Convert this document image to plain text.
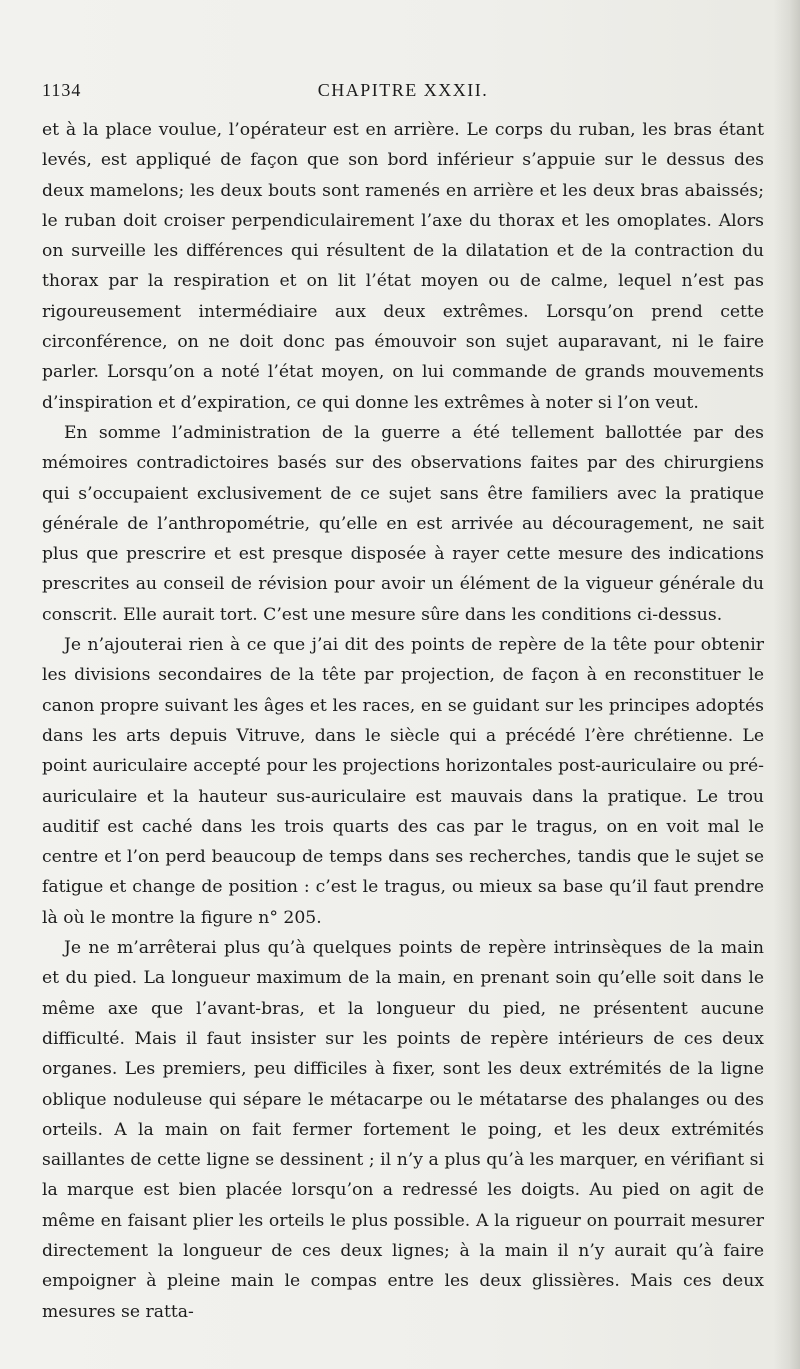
1134	CHAPITRE XXXII.

et à la place voulue, l’opérateur est en arrière. Le corps du ruban, les bras étant levés, est appliqué de façon que son bord inférieur s’appuie sur le dessus des deux mamelons; les deux bouts sont ramenés en arrière et les deux bras abaissés; le ruban doit croiser perpendiculairement l’axe du thorax et les omoplates. Alors on surveille les différences qui résultent de la dilatation et de la contraction du thorax par la respiration et on lit l’état moyen ou de calme, lequel n’est pas rigoureusement intermédiaire aux deux extrêmes. Lorsqu’on prend cette circonférence, on ne doit donc pas émouvoir son sujet auparavant, ni le faire parler. Lorsqu’on a noté l’état moyen, on lui commande de grands mouvements d’inspiration et d’expiration, ce qui donne les extrêmes à noter si l’on veut.

En somme l’administration de la guerre a été tellement ballottée par des mémoires contradictoires basés sur des observations faites par des chirurgiens qui s’occupaient exclusivement de ce sujet sans être familiers avec la pratique générale de l’anthropométrie, qu’elle en est arrivée au découragement, ne sait plus que prescrire et est presque disposée à rayer cette mesure des indications prescrites au conseil de révision pour avoir un élément de la vigueur générale du conscrit. Elle aurait tort. C’est une mesure sûre dans les conditions ci-dessus.

Je n’ajouterai rien à ce que j’ai dit des points de repère de la tête pour obtenir les divisions secondaires de la tête par projection, de façon à en reconstituer le canon propre suivant les âges et les races, en se guidant sur les principes adoptés dans les arts depuis Vitruve, dans le siècle qui a précédé l’ère chrétienne. Le point auriculaire accepté pour les projections horizontales post-auriculaire ou pré-auriculaire et la hauteur sus-auriculaire est mauvais dans la pratique. Le trou auditif est caché dans les trois quarts des cas par le tragus, on en voit mal le centre et l’on perd beaucoup de temps dans ses recherches, tandis que le sujet se fatigue et change de position : c’est le tragus, ou mieux sa base qu’il faut prendre là où le montre la figure n° 205.

Je ne m’arrêterai plus qu’à quelques points de repère intrinsèques de la main et du pied. La longueur maximum de la main, en prenant soin qu’elle soit dans le même axe que l’avant-bras, et la longueur du pied, ne présentent aucune difficulté. Mais il faut insister sur les points de repère intérieurs de ces deux organes. Les premiers, peu difficiles à fixer, sont les deux extrémités de la ligne oblique noduleuse qui sépare le métacarpe ou le métatarse des phalanges ou des orteils. A la main on fait fermer fortement le poing, et les deux extrémités saillantes de cette ligne se dessinent ; il n’y a plus qu’à les marquer, en vérifiant si la marque est bien placée lorsqu’on a redressé les doigts. Au pied on agit de même en faisant plier les orteils le plus possible. A la rigueur on pourrait mesurer directement la longueur de ces deux lignes; à la main il n’y aurait qu’à faire empoigner à pleine main le compas entre les deux glissières. Mais ces deux mesures se ratta-
